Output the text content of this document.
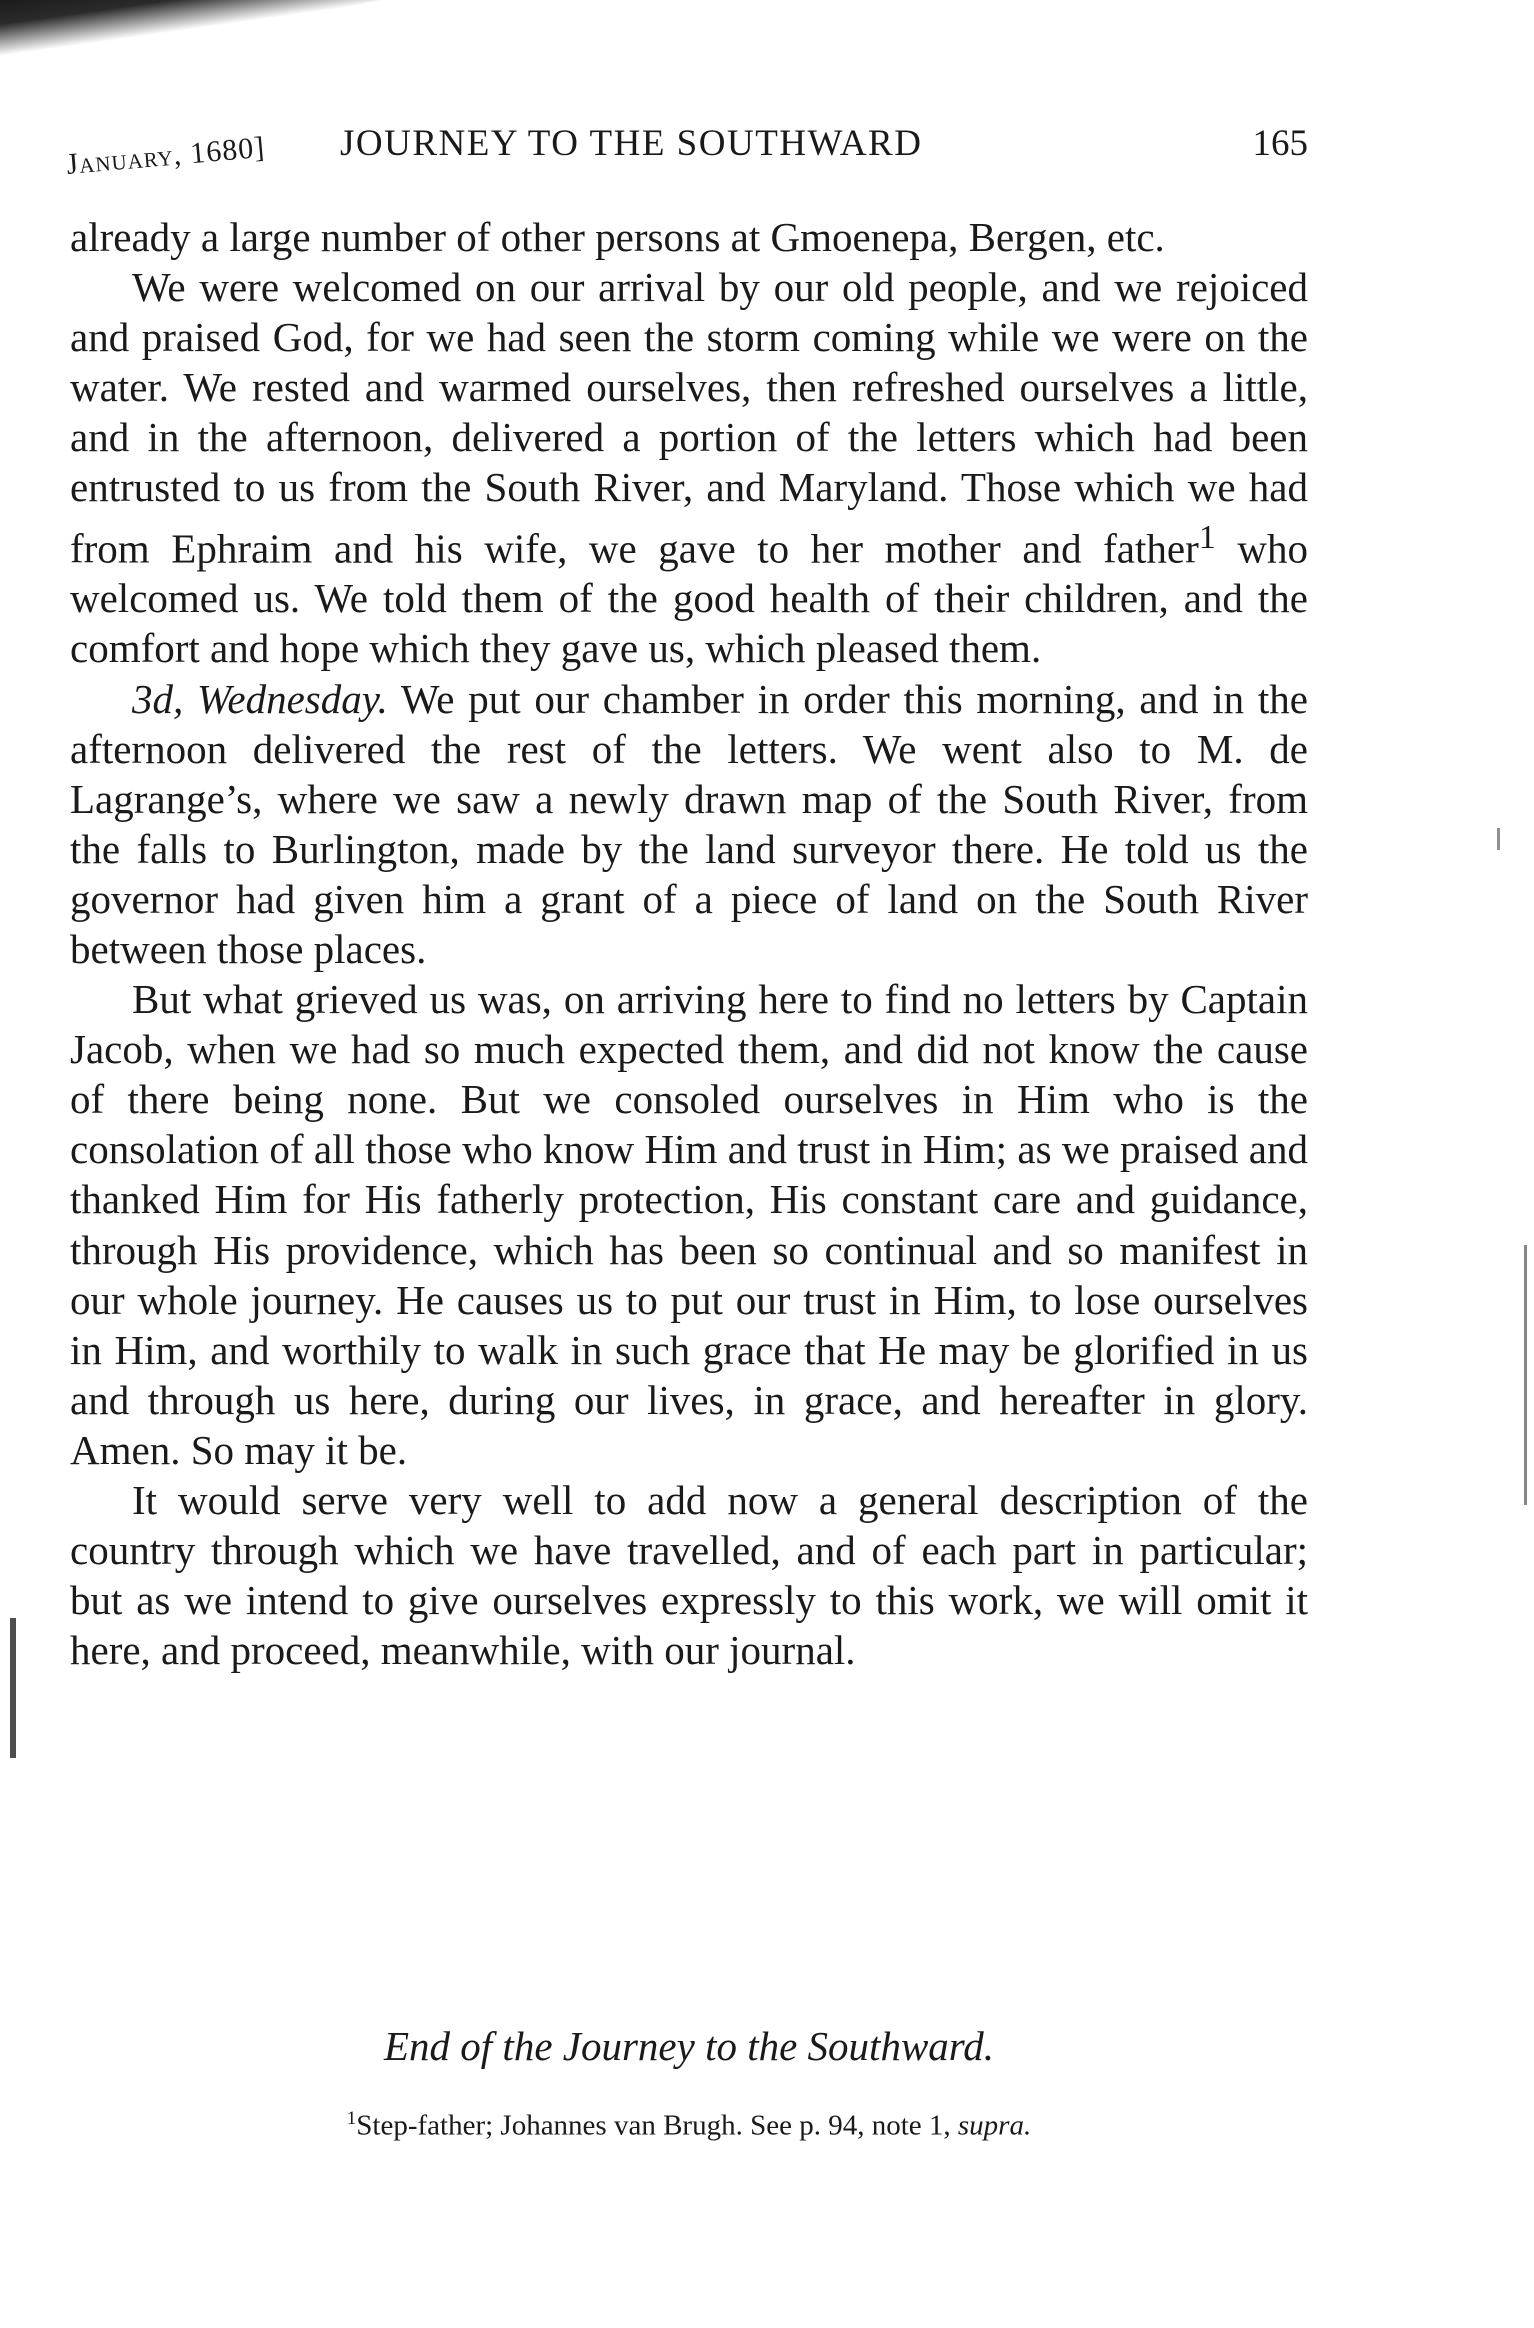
January, 1680] JOURNEY TO THE SOUTHWARD	165

already a large number of other persons at Gmoenepa, Bergen, etc.

We were welcomed on our arrival by our old people, and we rejoiced and praised God, for we had seen the storm coming while we were on the water. We rested and warmed ourselves, then refreshed ourselves a little, and in the afternoon, delivered a portion of the letters which had been entrusted to us from the South River, and Maryland. Those which we had from Ephraim and his wife, we gave to her mother and father$^1$ who welcomed us. We told them of the good health of their children, and the comfort and hope which they gave us, which pleased them.

3d, Wednesday. We put our chamber in order this morning, and in the afternoon delivered the rest of the letters. We went also to M. de Lagrange’s, where we saw a newly drawn map of the South River, from the falls to Burlington, made by the land surveyor there. He told us the governor had given him a grant of a piece of land on the South River between those places.

But what grieved us was, on arriving here to find no letters by Captain Jacob, when we had so much expected them, and did not know the cause of there being none. But we consoled ourselves in Him who is the consolation of all those who know Him and trust in Him; as we praised and thanked Him for His fatherly protection, His constant care and guidance, through His providence, which has been so continual and so manifest in our whole journey. He causes us to put our trust in Him, to lose ourselves in Him, and worthily to walk in such grace that He may be glorified in us and through us here, during our lives, in grace, and hereafter in glory. Amen. So may it be.

It would serve very well to add now a general description of the country through which we have travelled, and of each part in particular; but as we intend to give ourselves expressly to this work, we will omit it here, and proceed, meanwhile, with our journal.

End of the Journey to the Southward.
$^1$Step-father; Johannes van Brugh. See p. 94, note 1, supra.
